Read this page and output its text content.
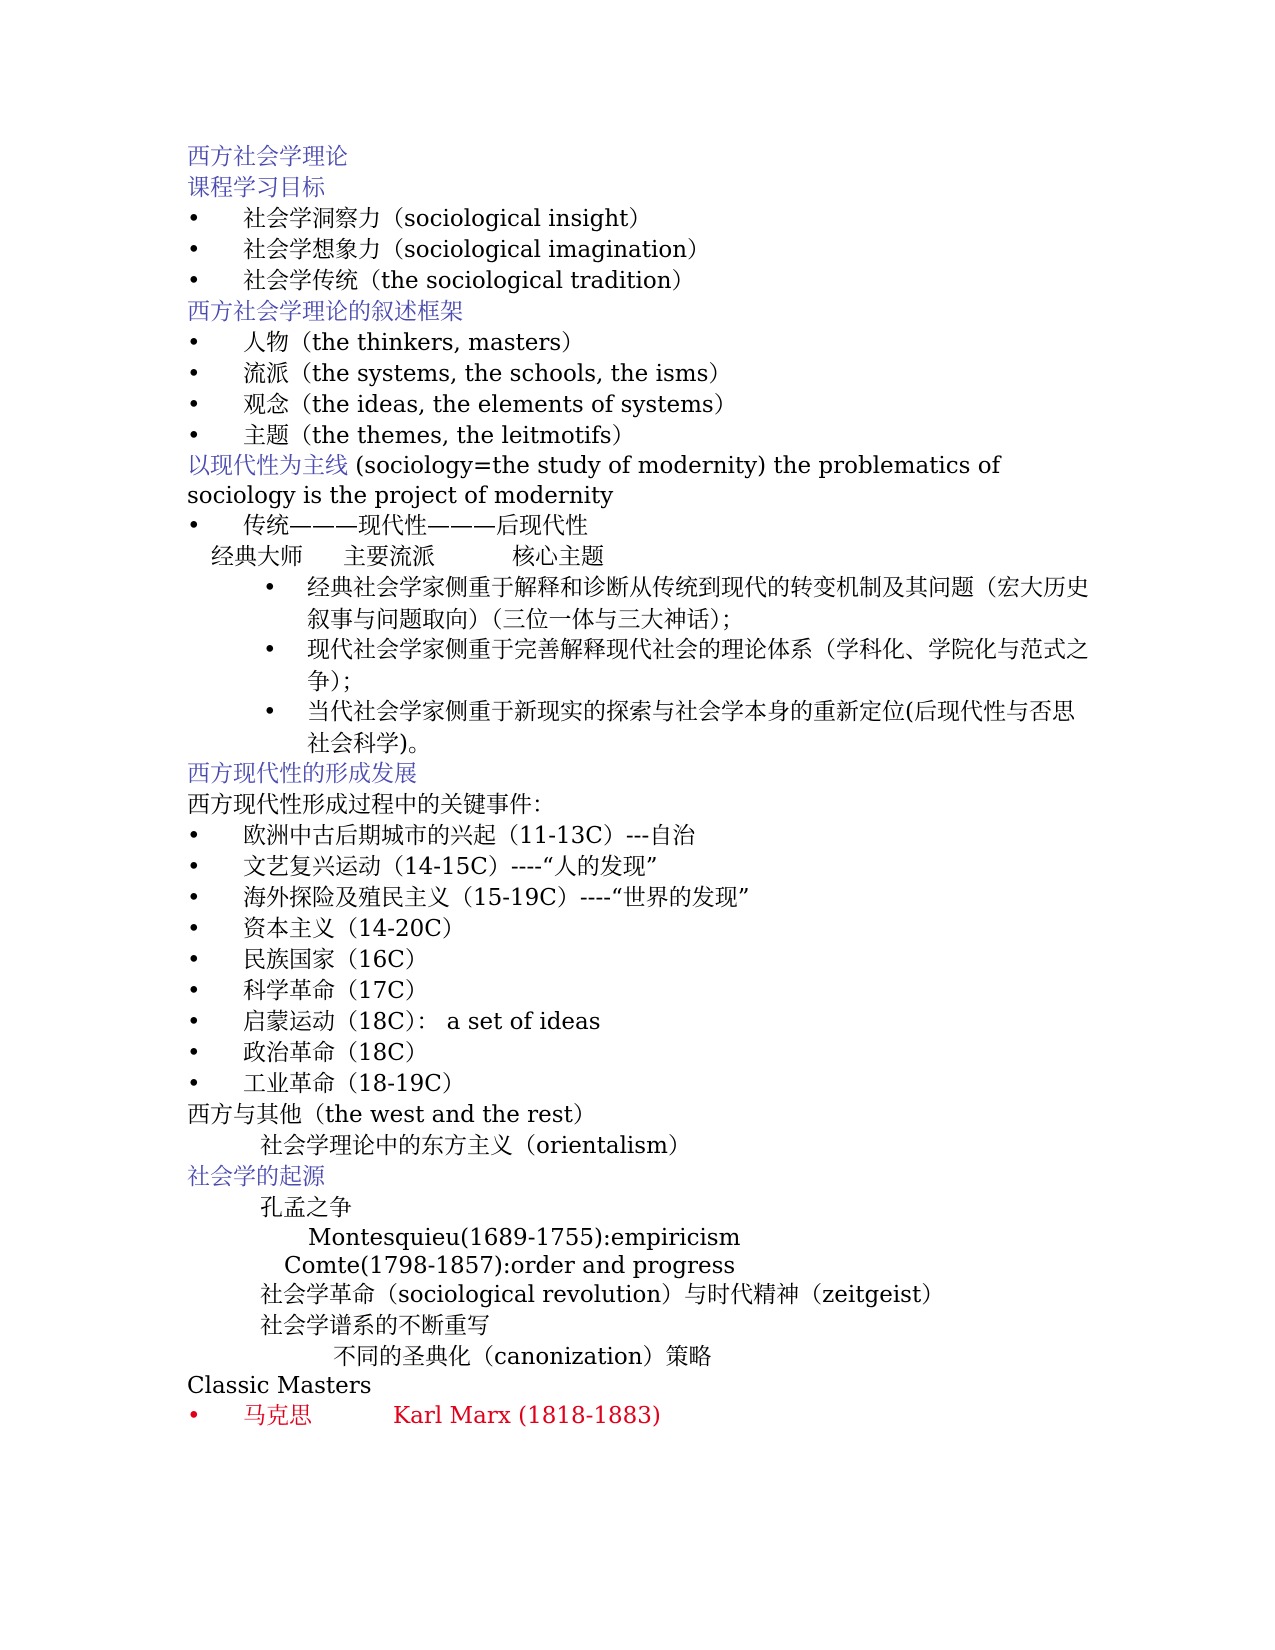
西方社会学理论
课程学习目标
• 社会学洞察力（sociological insight）
• 社会学想象力（sociological imagination）
• 社会学传统（the sociological tradition）
西方社会学理论的叙述框架
• 人物（the thinkers, masters）
• 流派（the systems, the schools, the isms）
• 观念（the ideas, the elements of systems）
• 主题（the themes, the leitmotifs）
以现代性为主线 (sociology=the study of modernity) the problematics of sociology is the project of modernity
• 传统———现代性———后现代性
经典大师 主要流派	核心主题
• 经典社会学家侧重于解释和诊断从传统到现代的转变机制及其问题（宏大历史叙事与问题取向）（三位一体与三大神话）；
• 现代社会学家侧重于完善解释现代社会的理论体系（学科化、学院化与范式之争）；
• 当代社会学家侧重于新现实的探索与社会学本身的重新定位(后现代性与否思社会科学)。
西方现代性的形成发展
西方现代性形成过程中的关键事件：
• 欧洲中古后期城市的兴起（11-13C）---自治
• 文艺复兴运动（14-15C）----“人的发现”
• 海外探险及殖民主义（15-19C）----“世界的发现”
• 资本主义（14-20C）
• 民族国家（16C）
• 科学革命（17C）
• 启蒙运动（18C）： a set of ideas
• 政治革命（18C）
• 工业革命（18-19C）
西方与其他（the west and the rest）
社会学理论中的东方主义（orientalism）
社会学的起源
孔孟之争
Montesquieu(1689-1755):empiricism
Comte(1798-1857):order and progress
社会学革命（sociological revolution）与时代精神（zeitgeist）
社会学谱系的不断重写
不同的圣典化（canonization）策略
Classic Masters
• 马克思	Karl Marx (1818-1883)
